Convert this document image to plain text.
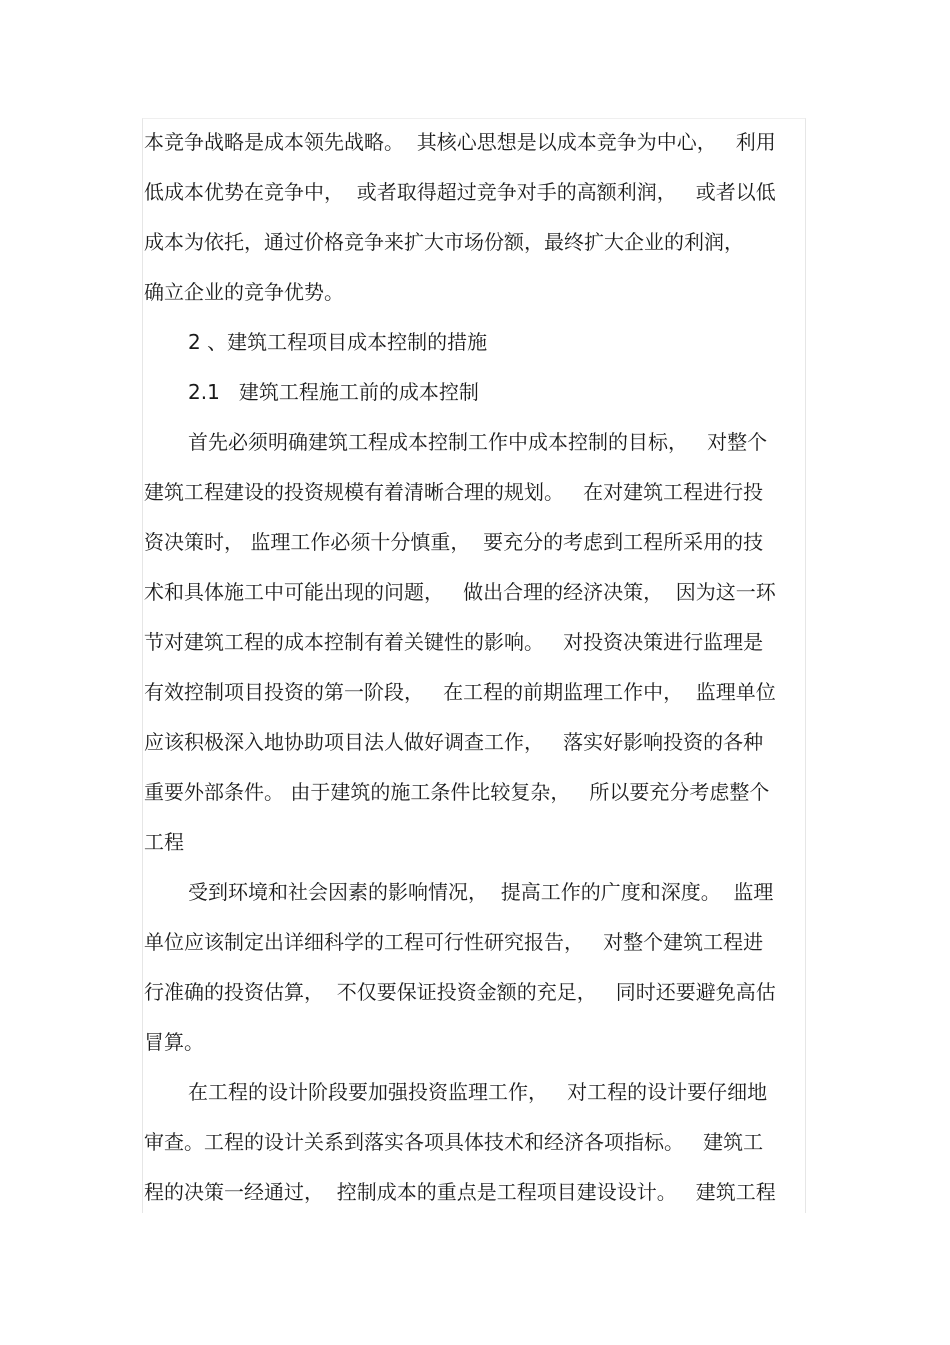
本竞争战略是成本领先战略。  其核心思想是以成本竞争为中心，   利用
低成本优势在竞争中，  或者取得超过竞争对手的高额利润，   或者以低
成本为依托，通过价格竞争来扩大市场份额，最终扩大企业的利润，
确立企业的竞争优势。
2 、建筑工程项目成本控制的措施
2.1   建筑工程施工前的成本控制
首先必须明确建筑工程成本控制工作中成本控制的目标，   对整个
建筑工程建设的投资规模有着清晰合理的规划。   在对建筑工程进行投
资决策时， 监理工作必须十分慎重，  要充分的考虑到工程所采用的技
术和具体施工中可能出现的问题，   做出合理的经济决策，  因为这一环
节对建筑工程的成本控制有着关键性的影响。   对投资决策进行监理是
有效控制项目投资的第一阶段，   在工程的前期监理工作中，  监理单位
应该积极深入地协助项目法人做好调查工作，   落实好影响投资的各种
重要外部条件。 由于建筑的施工条件比较复杂，   所以要充分考虑整个
工程
受到环境和社会因素的影响情况，  提高工作的广度和深度。  监理
单位应该制定出详细科学的工程可行性研究报告，   对整个建筑工程进
行准确的投资估算，  不仅要保证投资金额的充足，   同时还要避免高估
冒算。
在工程的设计阶段要加强投资监理工作，   对工程的设计要仔细地
审查。工程的设计关系到落实各项具体技术和经济各项指标。   建筑工
程的决策一经通过，  控制成本的重点是工程项目建设设计。   建筑工程
